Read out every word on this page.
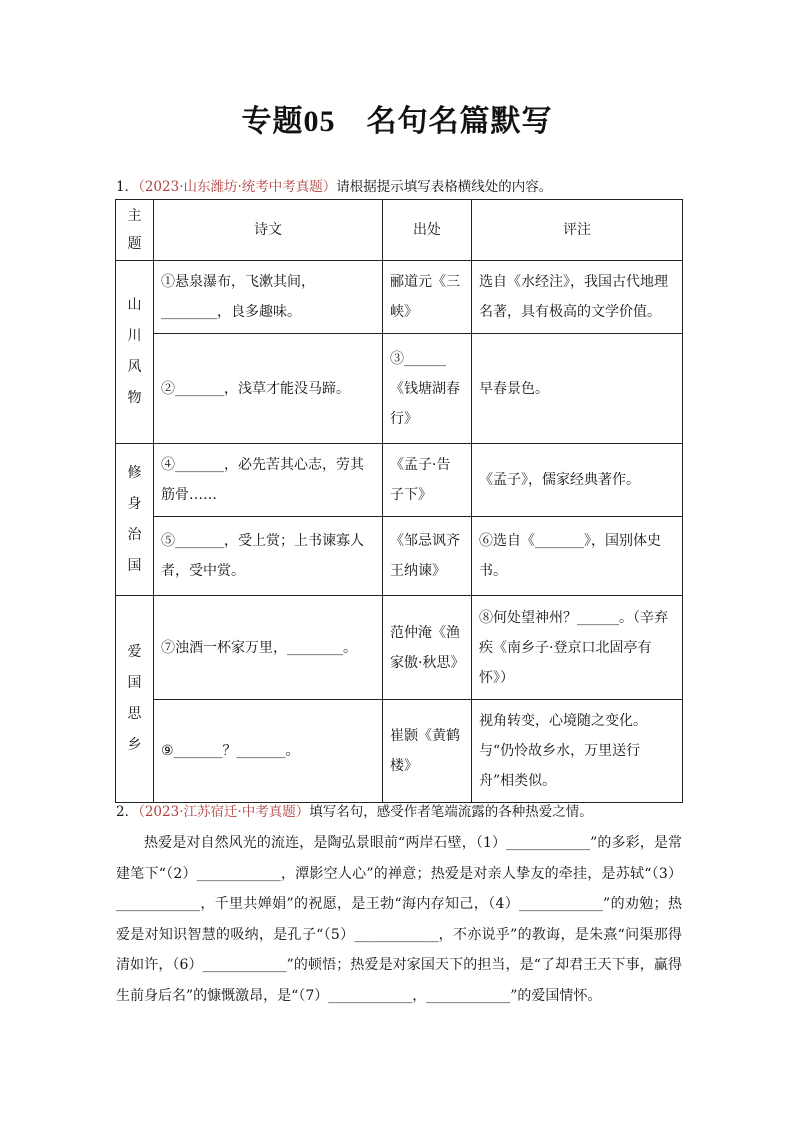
专题05　 名句名篇默写
1．（2023·山东潍坊·统考中考真题）请根据提示填写表格横线处的内容。
主题	诗文	出处	评注

山川风物	①悬泉瀑布，飞漱其间，________，良多趣味。	郦道元《三峡》	选自《水经注》，我国古代地理名著，具有极高的文学价值。
	②_______，浅草才能没马蹄。	③______《钱塘湖春行》	早春景色。

修身治国	④_______，必先苦其心志，劳其筋骨……	《孟子·告子下》	《孟子》，儒家经典著作。
	⑤_______，受上赏；上书谏寡人者，受中赏。	《邹忌讽齐王纳谏》	⑥选自《_______》，国别体史书。

爱国思乡	⑦浊酒一杯家万里，________。	范仲淹《渔家傲·秋思》	⑧何处望神州？______。（辛弃疾《南乡子·登京口北固亭有怀》）
	⑨_______？_______。	崔颢《黄鹤楼》	视角转变，心境随之变化。与“仍怜故乡水，万里送行舟”相类似。
2．（2023·江苏宿迁·中考真题）填写名句，感受作者笔端流露的各种热爱之情。
热爱是对自然风光的流连，是陶弘景眼前“两岸石壁，（1）____________”的多彩，是常建笔下“（2）____________，潭影空人心”的禅意；热爱是对亲人挚友的牵挂，是苏轼“（3）____________，千里共婵娟”的祝愿，是王勃“海内存知己，（4）____________”的劝勉；热爱是对知识智慧的吸纳，是孔子“（5）____________，不亦说乎”的教诲，是朱熹“问渠那得清如许，（6）____________”的顿悟；热爱是对家国天下的担当，是“了却君王天下事，赢得生前身后名”的慷慨激昂，是“（7）____________，____________”的爱国情怀。
